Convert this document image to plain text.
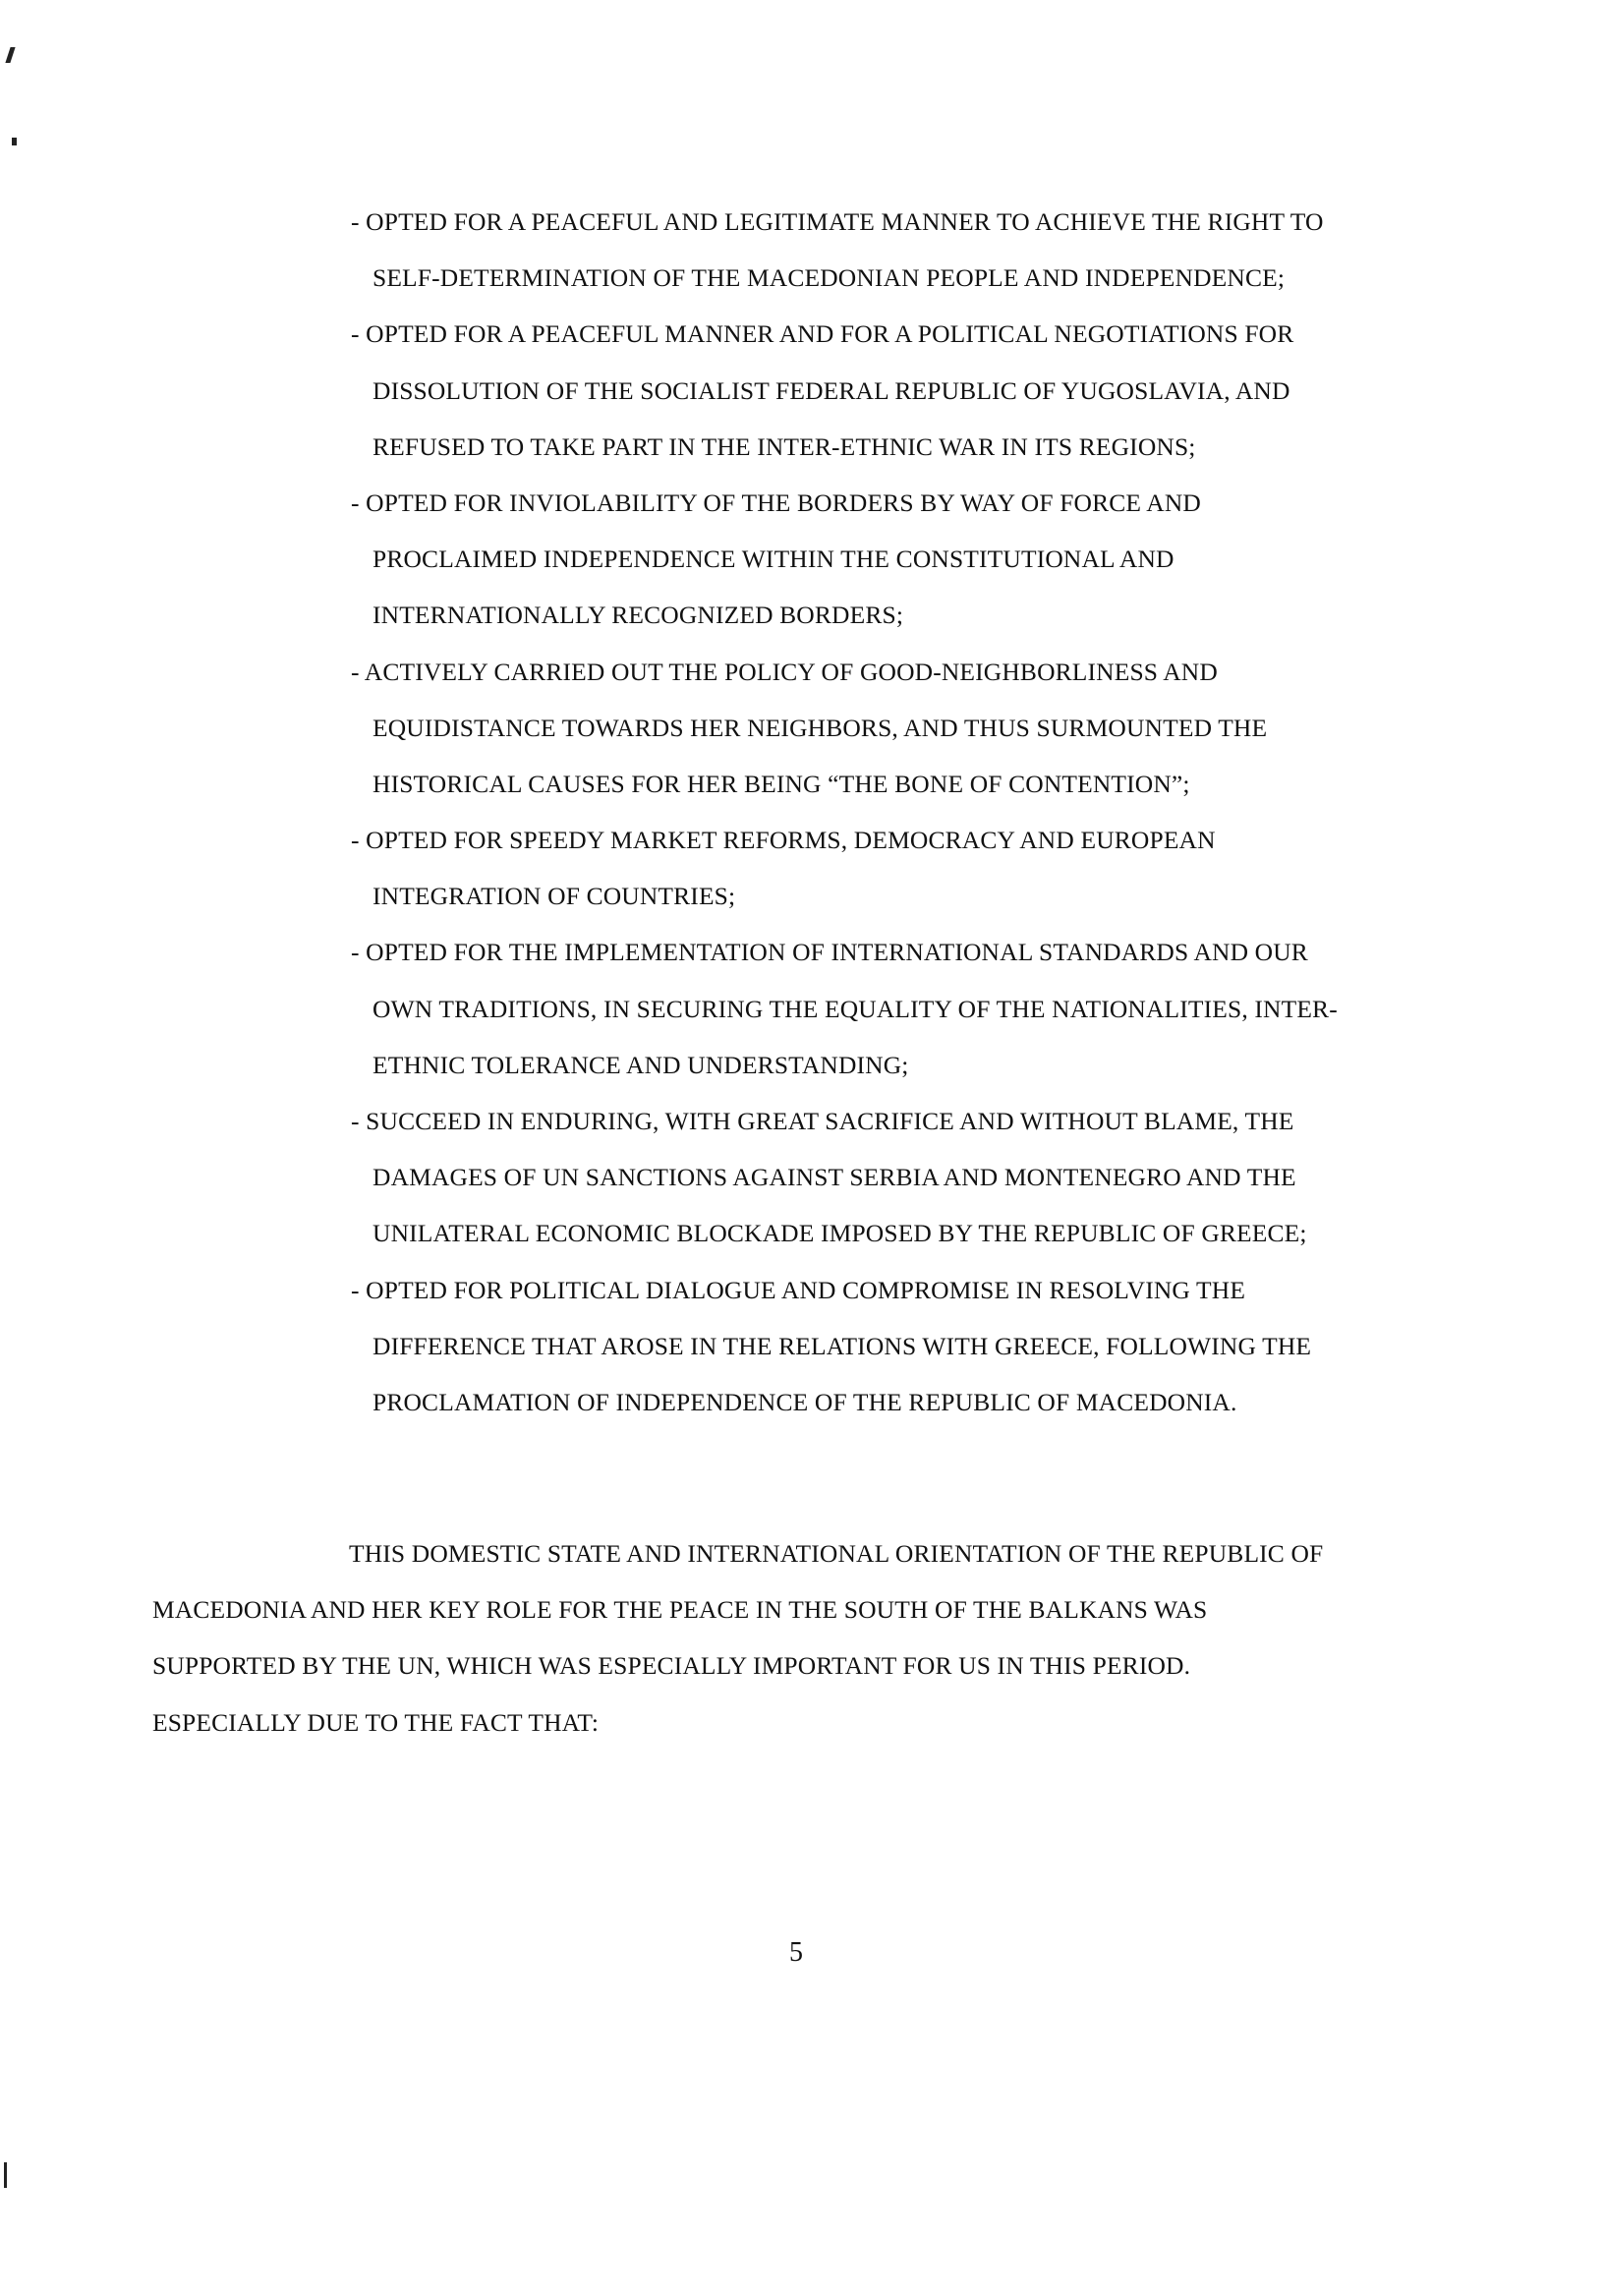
- OPTED FOR A PEACEFUL AND LEGITIMATE MANNER TO ACHIEVE THE RIGHT TO
SELF-DETERMINATION OF THE MACEDONIAN PEOPLE AND INDEPENDENCE;
- OPTED FOR A PEACEFUL MANNER AND FOR A POLITICAL NEGOTIATIONS FOR
DISSOLUTION OF THE SOCIALIST FEDERAL REPUBLIC OF YUGOSLAVIA, AND
REFUSED TO TAKE PART IN THE INTER-ETHNIC WAR IN ITS REGIONS;
- OPTED FOR INVIOLABILITY OF THE BORDERS BY WAY OF FORCE AND
PROCLAIMED INDEPENDENCE WITHIN THE CONSTITUTIONAL AND
INTERNATIONALLY RECOGNIZED BORDERS;
- ACTIVELY CARRIED OUT THE POLICY OF GOOD-NEIGHBORLINESS AND
EQUIDISTANCE TOWARDS HER NEIGHBORS, AND THUS SURMOUNTED THE
HISTORICAL CAUSES FOR HER BEING “THE BONE OF CONTENTION”;
- OPTED FOR SPEEDY MARKET REFORMS, DEMOCRACY AND EUROPEAN
INTEGRATION OF COUNTRIES;
- OPTED FOR THE IMPLEMENTATION OF INTERNATIONAL STANDARDS AND OUR
OWN TRADITIONS, IN SECURING THE EQUALITY OF THE NATIONALITIES, INTER-
ETHNIC TOLERANCE AND UNDERSTANDING;
- SUCCEED IN ENDURING, WITH GREAT SACRIFICE AND WITHOUT BLAME, THE
DAMAGES OF UN SANCTIONS AGAINST SERBIA AND MONTENEGRO AND THE
UNILATERAL ECONOMIC BLOCKADE IMPOSED BY THE REPUBLIC OF GREECE;
- OPTED FOR POLITICAL DIALOGUE AND COMPROMISE IN RESOLVING THE
DIFFERENCE THAT AROSE IN THE RELATIONS WITH GREECE, FOLLOWING THE
PROCLAMATION OF INDEPENDENCE OF THE REPUBLIC OF MACEDONIA.
THIS DOMESTIC STATE AND INTERNATIONAL ORIENTATION OF THE REPUBLIC OF
MACEDONIA AND HER KEY ROLE FOR THE PEACE IN THE SOUTH OF THE BALKANS WAS
SUPPORTED BY THE UN, WHICH WAS ESPECIALLY IMPORTANT FOR US IN THIS PERIOD.
ESPECIALLY DUE TO THE FACT THAT:
5
